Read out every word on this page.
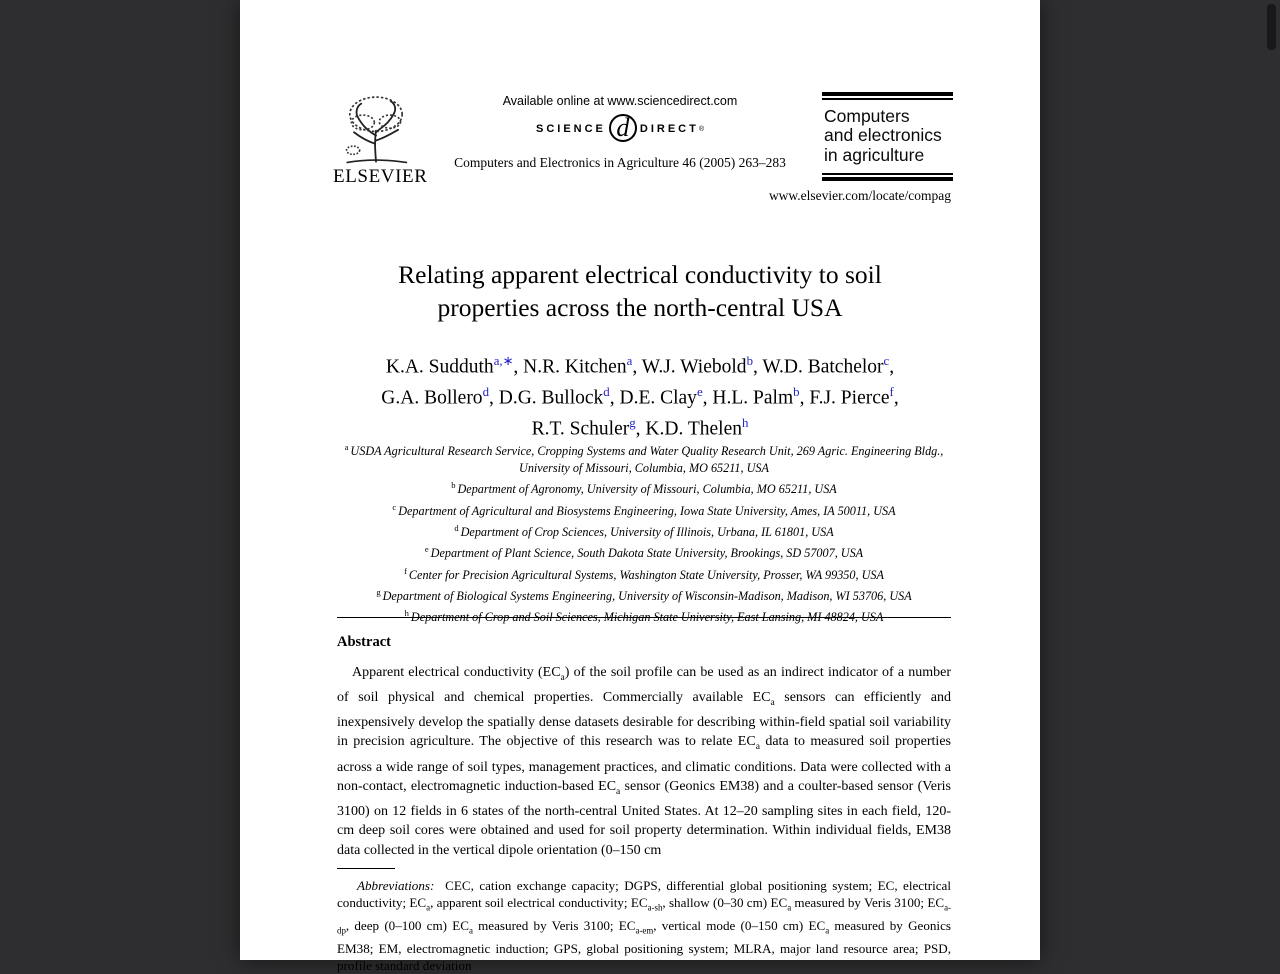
ELSEVIER
Available online at www.sciencedirect.com
SCIENCE d DIRECT ®
Computers and Electronics in Agriculture 46 (2005) 263–283
Computers
and electronics
in agriculture
www.elsevier.com/locate/compag
Relating apparent electrical conductivity to soil
properties across the north-central USA
K.A. Sudduth$^{a,∗}$, N.R. Kitchen$^a$, W.J. Wiebold$^b$, W.D. Batchelor$^c$,
G.A. Bollero$^d$, D.G. Bullock$^d$, D.E. Clay$^e$, H.L. Palm$^b$, F.J. Pierce$^f$,
R.T. Schuler$^g$, K.D. Thelen$^h$
$^a$ USDA Agricultural Research Service, Cropping Systems and Water Quality Research Unit, 269 Agric. Engineering Bldg., University of Missouri, Columbia, MO 65211, USA
$^b$ Department of Agronomy, University of Missouri, Columbia, MO 65211, USA
$^c$ Department of Agricultural and Biosystems Engineering, Iowa State University, Ames, IA 50011, USA
$^d$ Department of Crop Sciences, University of Illinois, Urbana, IL 61801, USA
$^e$ Department of Plant Science, South Dakota State University, Brookings, SD 57007, USA
$^f$ Center for Precision Agricultural Systems, Washington State University, Prosser, WA 99350, USA
$^g$ Department of Biological Systems Engineering, University of Wisconsin-Madison, Madison, WI 53706, USA
$^h$ Department of Crop and Soil Sciences, Michigan State University, East Lansing, MI 48824, USA
Abstract
Apparent electrical conductivity $(EC_a)$ of the soil profile can be used as an indirect indicator of a number of soil physical and chemical properties. Commercially available $EC_a$ sensors can efficiently and inexpensively develop the spatially dense datasets desirable for describing within-field spatial soil variability in precision agriculture. The objective of this research was to relate $EC_a$ data to measured soil properties across a wide range of soil types, management practices, and climatic conditions. Data were collected with a non-contact, electromagnetic induction-based $EC_a$ sensor (Geonics EM38) and a coulter-based sensor (Veris 3100) on 12 fields in 6 states of the north-central United States. At 12–20 sampling sites in each field, 120-cm deep soil cores were obtained and used for soil property determination. Within individual fields, EM38 data collected in the vertical dipole orientation (0–150 cm
Abbreviations:  CEC, cation exchange capacity; DGPS, differential global positioning system; EC, electrical conductivity; $EC_a$, apparent soil electrical conductivity; $EC_{a-sh}$, shallow (0–30 cm) $EC_a$ measured by Veris 3100; $EC_{a-dp}$, deep (0–100 cm) $EC_a$ measured by Veris 3100; $EC_{a-em}$, vertical mode (0–150 cm) $EC_a$ measured by Geonics EM38; EM, electromagnetic induction; GPS, global positioning system; MLRA, major land resource area; PSD, profile standard deviation
